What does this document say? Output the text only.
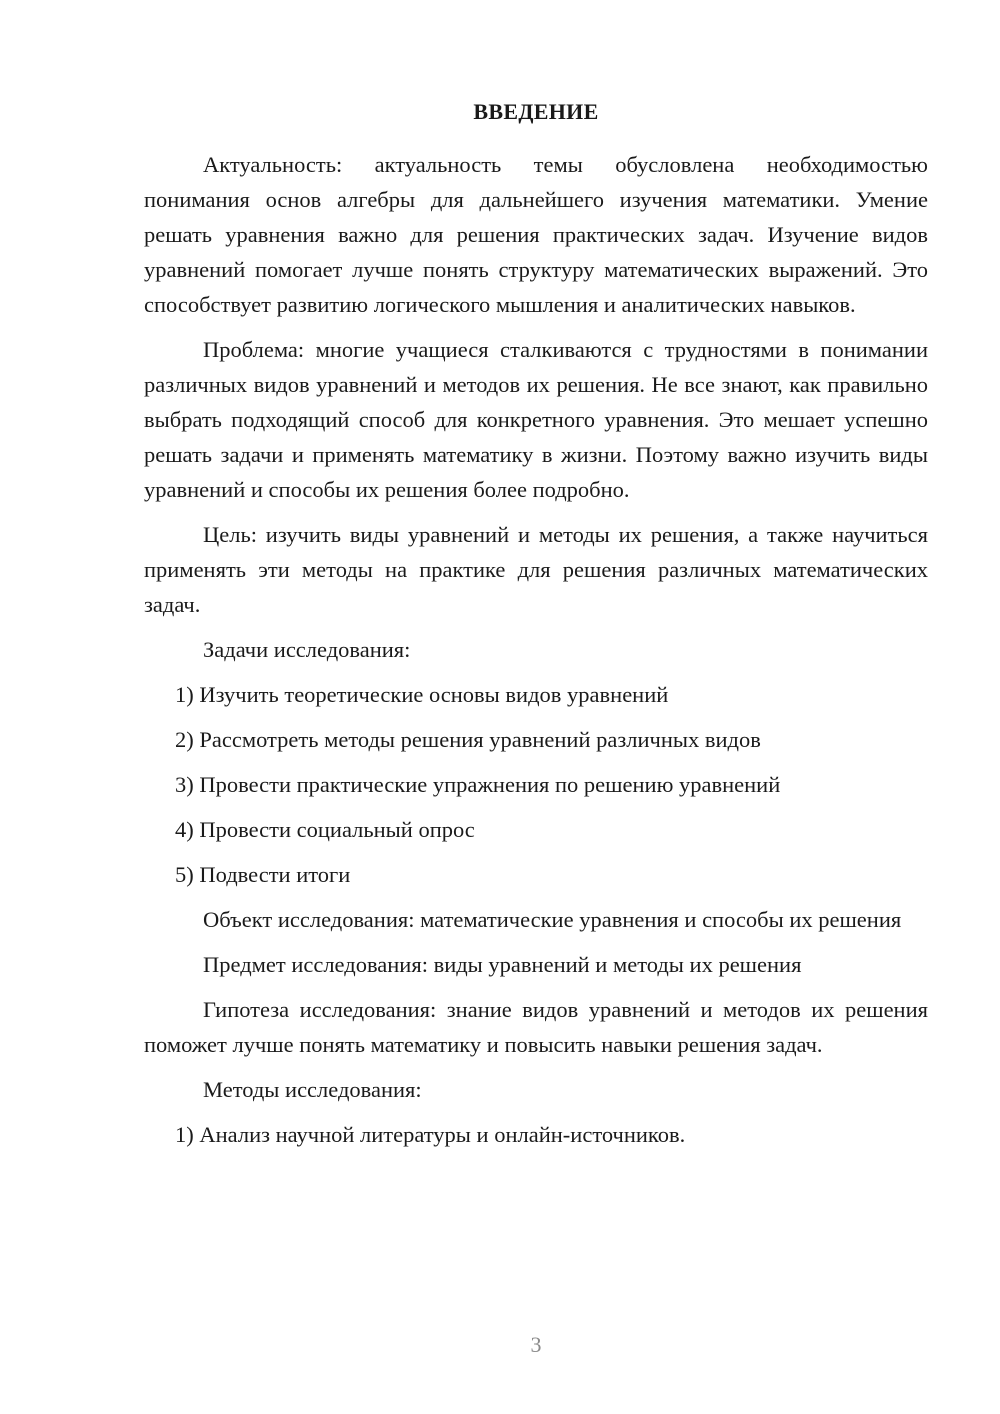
ВВЕДЕНИЕ

Актуальность: актуальность темы обусловлена необходимостью понимания основ алгебры для дальнейшего изучения математики. Умение решать уравнения важно для решения практических задач. Изучение видов уравнений помогает лучше понять структуру математических выражений. Это способствует развитию логического мышления и аналитических навыков.

Проблема: многие учащиеся сталкиваются с трудностями в понимании различных видов уравнений и методов их решения. Не все знают, как правильно выбрать подходящий способ для конкретного уравнения. Это мешает успешно решать задачи и применять математику в жизни. Поэтому важно изучить виды уравнений и способы их решения более подробно.

Цель: изучить виды уравнений и методы их решения, а также научиться применять эти методы на практике для решения различных математических задач.

Задачи исследования:

1) Изучить теоретические основы видов уравнений
2) Рассмотреть методы решения уравнений различных видов
3) Провести практические упражнения по решению уравнений
4) Провести социальный опрос
5) Подвести итоги

Объект исследования: математические уравнения и способы их решения

Предмет исследования: виды уравнений и методы их решения

Гипотеза исследования: знание видов уравнений и методов их решения поможет лучше понять математику и повысить навыки решения задач.

Методы исследования:

1) Анализ научной литературы и онлайн-источников.
3
